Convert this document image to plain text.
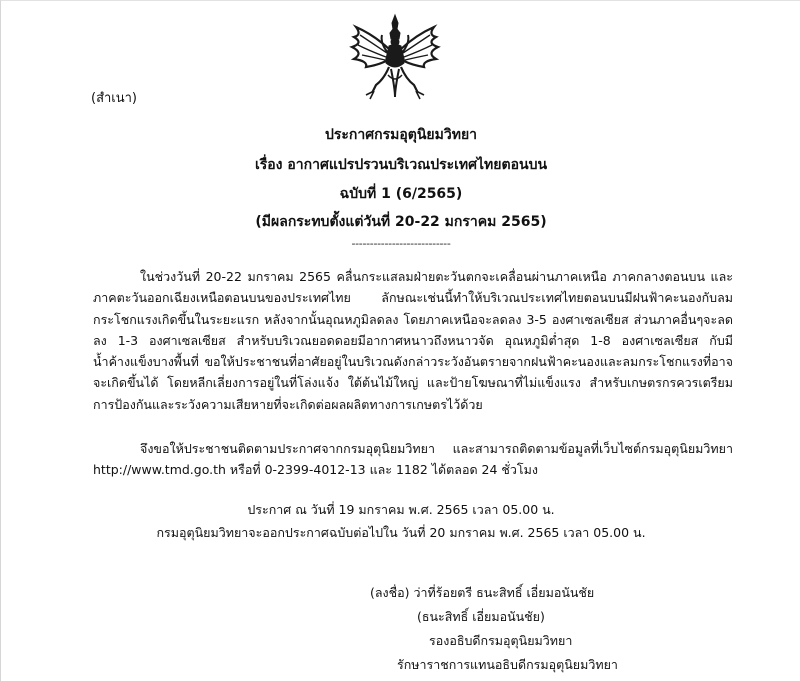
(สำเนา)
ประกาศกรมอุตุนิยมวิทยา
เรื่อง อากาศแปรปรวนบริเวณประเทศไทยตอนบน
ฉบับที่ 1 (6/2565)
(มีผลกระทบตั้งแต่วันที่ 20-22 มกราคม 2565)
---------------------------

ในช่วงวันที่ 20-22 มกราคม 2565 คลื่นกระแสลมฝ่ายตะวันตกจะเคลื่อนผ่านภาคเหนือ ภาคกลางตอนบน และภาคตะวันออกเฉียงเหนือตอนบนของประเทศไทย ลักษณะเช่นนี้ทำให้บริเวณประเทศไทยตอนบนมีฝนฟ้าคะนองกับลมกระโชกแรงเกิดขึ้นในระยะแรก หลังจากนั้นอุณหภูมิลดลง โดยภาคเหนือจะลดลง 3-5 องศาเซลเซียส ส่วนภาคอื่นๆจะลดลง 1-3 องศาเซลเซียส สำหรับบริเวณยอดดอยมีอากาศหนาวถึงหนาวจัด อุณหภูมิต่ำสุด 1-8 องศาเซลเซียส กับมีน้ำค้างแข็งบางพื้นที่ ขอให้ประชาชนที่อาศัยอยู่ในบริเวณดังกล่าวระวังอันตรายจากฝนฟ้าคะนองและลมกระโชกแรงที่อาจจะเกิดขึ้นได้ โดยหลีกเลี่ยงการอยู่ในที่โล่งแจ้ง ใต้ต้นไม้ใหญ่ และป้ายโฆษณาที่ไม่แข็งแรง สำหรับเกษตรกรควรเตรียมการป้องกันและระวังความเสียหายที่จะเกิดต่อผลผลิตทางการเกษตรไว้ด้วย

จึงขอให้ประชาชนติดตามประกาศจากกรมอุตุนิยมวิทยา และสามารถติดตามข้อมูลที่เว็บไซต์กรมอุตุนิยมวิทยา http://www.tmd.go.th หรือที่ 0-2399-4012-13 และ 1182 ได้ตลอด 24 ชั่วโมง

ประกาศ ณ วันที่ 19 มกราคม พ.ศ. 2565 เวลา 05.00 น.
กรมอุตุนิยมวิทยาจะออกประกาศฉบับต่อไปใน วันที่ 20 มกราคม พ.ศ. 2565 เวลา 05.00 น.
(ลงชื่อ) ว่าที่ร้อยตรี ธนะสิทธิ์ เอี่ยมอนันชัย
(ธนะสิทธิ์ เอี่ยมอนันชัย)
รองอธิบดีกรมอุตุนิยมวิทยา
รักษาราชการแทนอธิบดีกรมอุตุนิยมวิทยา
